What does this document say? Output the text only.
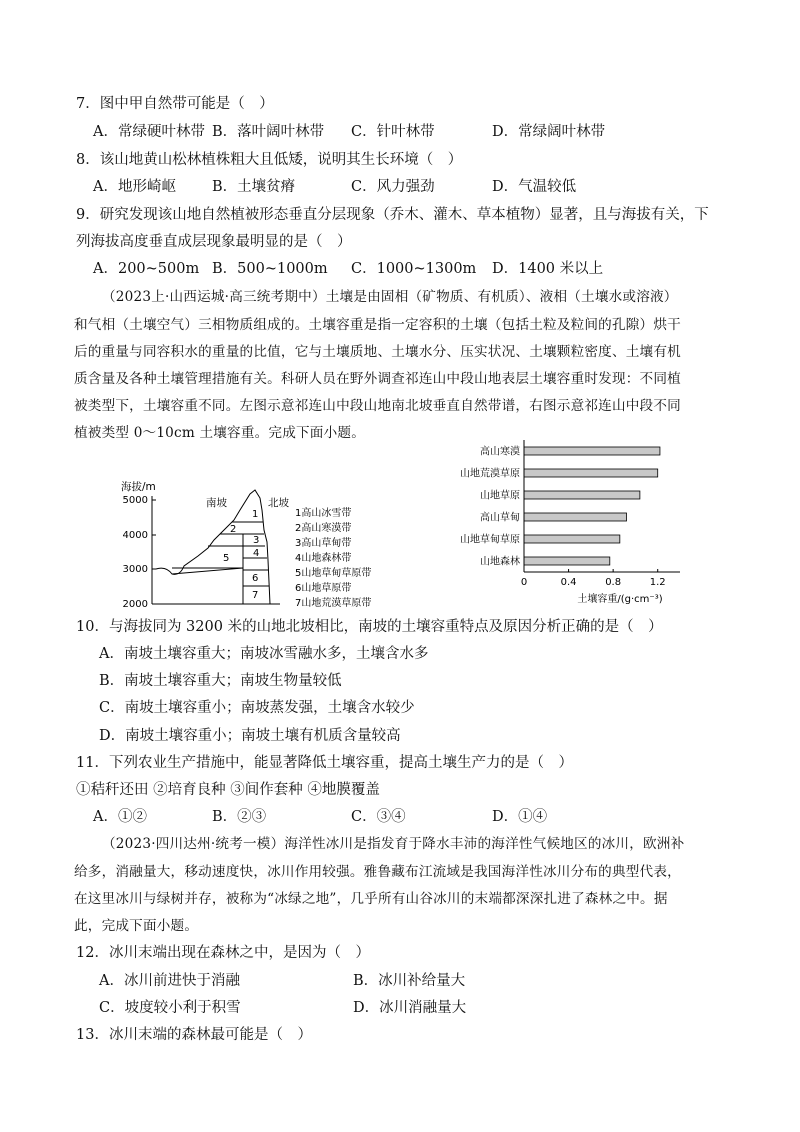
7．图中甲自然带可能是（　）
A．常绿硬叶林带 B．落叶阔叶林带 C．针叶林带	D．常绿阔叶林带
8．该山地黄山松林植株粗大且低矮，说明其生长环境（　）
A．地形崎岖 B．土壤贫瘠	C．风力强劲	D．气温较低
9．研究发现该山地自然植被形态垂直分层现象（乔木、灌木、草本植物）显著，且与海拔有关，下
列海拔高度垂直成层现象最明显的是（　）
A．200~500m B．500~1000m C．1000~1300m D．1400 米以上
（2023上·山西运城·高三统考期中）土壤是由固相（矿物质、有机质）、液相（土壤水或溶液）
和气相（土壤空气）三相物质组成的。土壤容重是指一定容积的土壤（包括土粒及粒间的孔隙）烘干
后的重量与同容积水的重量的比值，它与土壤质地、土壤水分、压实状况、土壤颗粒密度、土壤有机
质含量及各种土壤管理措施有关。科研人员在野外调查祁连山中段山地表层土壤容重时发现：不同植
被类型下，土壤容重不同。左图示意祁连山中段山地南北坡垂直自然带谱，右图示意祁连山中段不同
植被类型 0～10cm 土壤容重。完成下面小题。
海拔/m
5000
4000
3000
2000
南坡	北坡
1
2
3
4
5
6
7
1高山冰雪带
2高山寒漠带
3高山草甸带
4山地森林带
5山地草甸草原带
6山地草原带
7山地荒漠草原带
高山寒漠
山地荒漠草原
山地草原
高山草甸
山地草甸草原
山地森林
0	0.4	0.8	1.2
土壤容重/(g·cm⁻³)
10．与海拔同为 3200 米的山地北坡相比，南坡的土壤容重特点及原因分析正确的是（　）
A．南坡土壤容重大；南坡冰雪融水多，土壤含水多
B．南坡土壤容重大；南坡生物量较低
C．南坡土壤容重小；南坡蒸发强，土壤含水较少
D．南坡土壤容重小；南坡土壤有机质含量较高
11．下列农业生产措施中，能显著降低土壤容重，提高土壤生产力的是（　）
①秸秆还田 ②培育良种 ③间作套种 ④地膜覆盖
A．①②	B．②③	C．③④	D．①④
（2023·四川达州·统考一模）海洋性冰川是指发育于降水丰沛的海洋性气候地区的冰川，欧洲补
给多，消融量大，移动速度快，冰川作用较强。雅鲁藏布江流域是我国海洋性冰川分布的典型代表，
在这里冰川与绿树并存，被称为“冰绿之地”，几乎所有山谷冰川的末端都深深扎进了森林之中。据
此，完成下面小题。
12．冰川末端出现在森林之中，是因为（　）
A．冰川前进快于消融	B．冰川补给量大
C．坡度较小利于积雪	D．冰川消融量大
13．冰川末端的森林最可能是（　）
